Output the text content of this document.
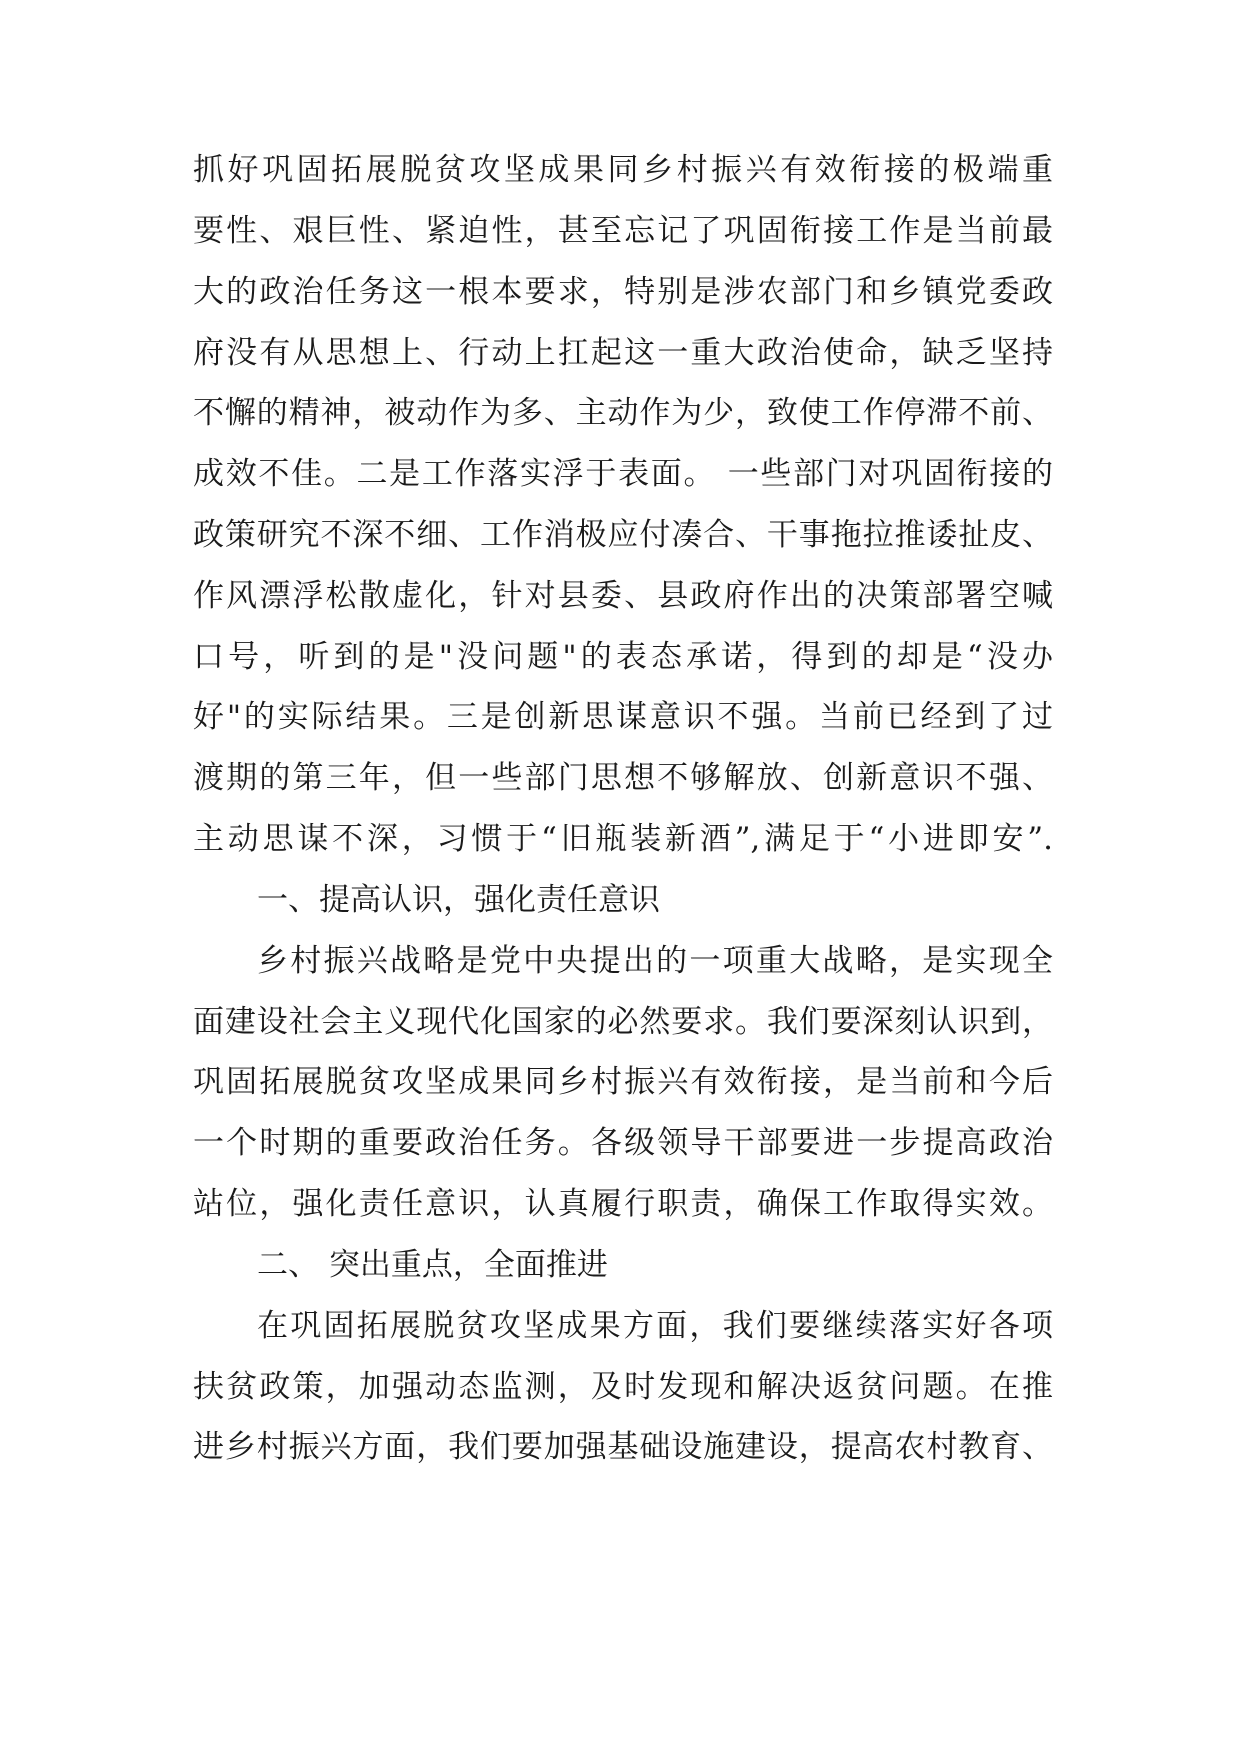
抓好巩固拓展脱贫攻坚成果同乡村振兴有效衔接的极端重
要性、艰巨性、紧迫性，甚至忘记了巩固衔接工作是当前最
大的政治任务这一根本要求，特别是涉农部门和乡镇党委政
府没有从思想上、行动上扛起这一重大政治使命，缺乏坚持
不懈的精神，被动作为多、主动作为少，致使工作停滞不前、
成效不佳。二是工作落实浮于表面。 一些部门对巩固衔接的
政策研究不深不细、工作消极应付凑合、干事拖拉推诿扯皮、
作风漂浮松散虚化，针对县委、县政府作出的决策部署空喊
口号，听到的是"没问题"的表态承诺，得到的却是“没办
好"的实际结果。三是创新思谋意识不强。当前已经到了过
渡期的第三年，但一些部门思想不够解放、创新意识不强、
主动思谋不深，习惯于“旧瓶装新酒”,满足于“小进即安”.
一、提高认识，强化责任意识
乡村振兴战略是党中央提出的一项重大战略，是实现全
面建设社会主义现代化国家的必然要求。我们要深刻认识到，
巩固拓展脱贫攻坚成果同乡村振兴有效衔接，是当前和今后
一个时期的重要政治任务。各级领导干部要进一步提高政治
站位，强化责任意识，认真履行职责，确保工作取得实效。
二、 突出重点，全面推进
在巩固拓展脱贫攻坚成果方面，我们要继续落实好各项
扶贫政策，加强动态监测，及时发现和解决返贫问题。在推
进乡村振兴方面，我们要加强基础设施建设，提高农村教育、
